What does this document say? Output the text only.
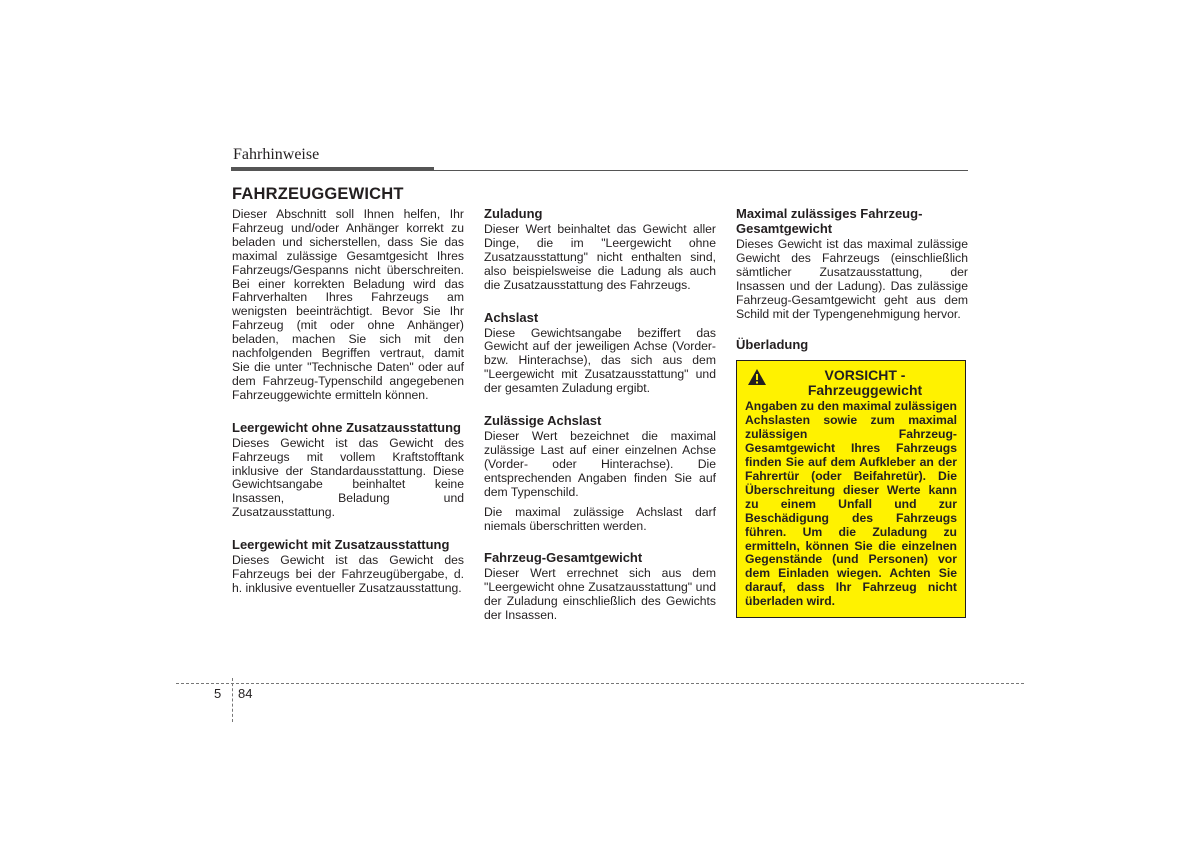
Fahrhinweise
FAHRZEUGGEWICHT

Dieser Abschnitt soll Ihnen helfen, Ihr Fahrzeug und/oder Anhänger korrekt zu beladen und sicherstellen, dass Sie das maximal zulässige Gesamtgesicht Ihres Fahrzeugs/Gespanns nicht überschreiten. Bei einer korrekten Beladung wird das Fahrverhalten Ihres Fahrzeugs am wenigsten beeinträchtigt. Bevor Sie Ihr Fahrzeug (mit oder ohne Anhänger) beladen, machen Sie sich mit den nachfolgenden Begriffen vertraut, damit Sie die unter "Technische Daten" oder auf dem Fahrzeug-Typenschild angegebenen Fahrzeuggewichte ermitteln können.

Leergewicht ohne Zusatzausstattung

Dieses Gewicht ist das Gewicht des Fahrzeugs mit vollem Kraftstofftank inklusive der Standardausstattung. Diese Gewichtsangabe beinhaltet keine Insassen, Beladung und Zusatzausstattung.

Leergewicht mit Zusatzausstattung

Dieses Gewicht ist das Gewicht des Fahrzeugs bei der Fahrzeugübergabe, d. h. inklusive eventueller Zusatzausstattung.

Zuladung

Dieser Wert beinhaltet das Gewicht aller Dinge, die im "Leergewicht ohne Zusatzausstattung" nicht enthalten sind, also beispielsweise die Ladung als auch die Zusatzausstattung des Fahrzeugs.

Achslast

Diese Gewichtsangabe beziffert das Gewicht auf der jeweiligen Achse (Vorder- bzw. Hinterachse), das sich aus dem "Leergewicht mit Zusatzausstattung" und der gesamten Zuladung ergibt.

Zulässige Achslast

Dieser Wert bezeichnet die maximal zulässige Last auf einer einzelnen Achse (Vorder- oder Hinterachse). Die entsprechenden Angaben finden Sie auf dem Typenschild.

Die maximal zulässige Achslast darf niemals überschritten werden.

Fahrzeug-Gesamtgewicht

Dieser Wert errechnet sich aus dem "Leergewicht ohne Zusatzausstattung" und der Zuladung einschließlich des Gewichts der Insassen.

Maximal zulässiges Fahrzeug-Gesamtgewicht

Dieses Gewicht ist das maximal zulässige Gewicht des Fahrzeugs (einschließlich sämtlicher Zusatzausstattung, der Insassen und der Ladung). Das zulässige Fahrzeug-Gesamtgewicht geht aus dem Schild mit der Typengenehmigung hervor.

Überladung
VORSICHT - Fahrzeuggewicht
Angaben zu den maximal zulässigen Achslasten sowie zum maximal zulässigen Fahrzeug-Gesamtgewicht Ihres Fahrzeugs finden Sie auf dem Aufkleber an der Fahrertür (oder Beifahretür). Die Überschreitung dieser Werte kann zu einem Unfall und zur Beschädigung des Fahrzeugs führen. Um die Zuladung zu ermitteln, können Sie die einzelnen Gegenstände (und Personen) vor dem Einladen wiegen. Achten Sie darauf, dass Ihr Fahrzeug nicht überladen wird.
5 84
